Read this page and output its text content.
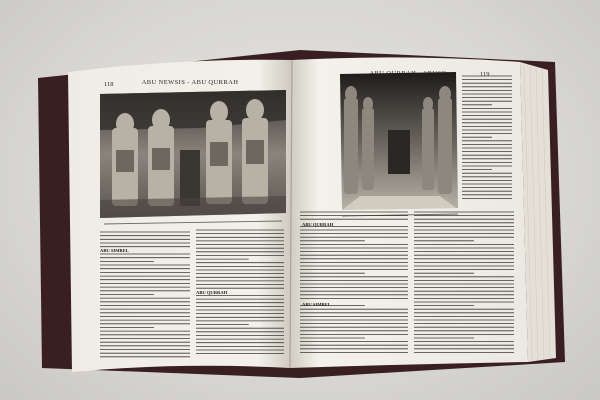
118	ABU NEWSIS - ABU QURRAH
119
ABU SIMBEL
ABU QURRAH
ABU QURRAH
ABU SIMBEL
